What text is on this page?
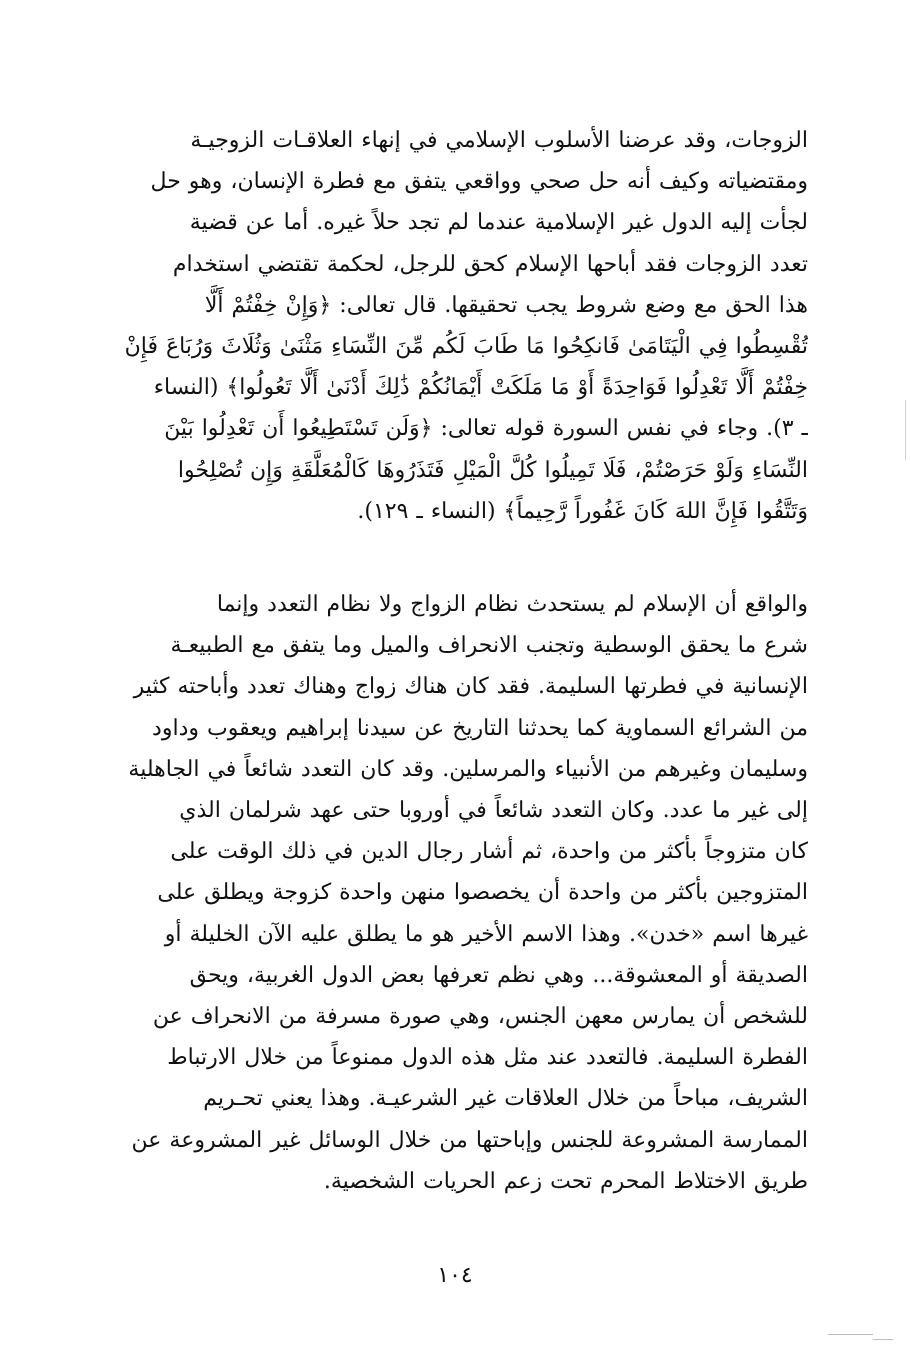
الزوجات، وقد عرضنا الأسلوب الإسلامي في إنهاء العلاقـات الزوجيـة
ومقتضياته وكيف أنه حل صحي وواقعي يتفق مع فطرة الإنسان، وهو حل
لجأت إليه الدول غير الإسلامية عندما لم تجد حلاً غيره. أما عن قضية
تعدد الزوجات فقد أباحها الإسلام كحق للرجل، لحكمة تقتضي استخدام
هذا الحق مع وضع شروط يجب تحقيقها. قال تعالى: ﴿وَإِنْ خِفْتُمْ أَلَّا
تُقْسِطُوا فِي الْيَتَامَىٰ فَانكِحُوا مَا طَابَ لَكُم مِّنَ النِّسَاءِ مَثْنَىٰ وَثُلَاثَ وَرُبَاعَ فَإِنْ
خِفْتُمْ أَلَّا تَعْدِلُوا فَوَاحِدَةً أَوْ مَا مَلَكَتْ أَيْمَانُكُمْ ذَٰلِكَ أَدْنَىٰ أَلَّا تَعُولُوا﴾ (النساء
ـ ٣). وجاء في نفس السورة قوله تعالى: ﴿وَلَن تَسْتَطِيعُوا أَن تَعْدِلُوا بَيْنَ
النِّسَاءِ وَلَوْ حَرَصْتُمْ، فَلَا تَمِيلُوا كُلَّ الْمَيْلِ فَتَذَرُوهَا كَالْمُعَلَّقَةِ وَإِن تُصْلِحُوا
وَتَتَّقُوا فَإِنَّ اللهَ كَانَ غَفُوراً رَّحِيماً﴾ (النساء ـ ١٢٩).
والواقع أن الإسلام لم يستحدث نظام الزواج ولا نظام التعدد وإنما
شرع ما يحقق الوسطية وتجنب الانحراف والميل وما يتفق مع الطبيعـة
الإنسانية في فطرتها السليمة. فقد كان هناك زواج وهناك تعدد وأباحته كثير
من الشرائع السماوية كما يحدثنا التاريخ عن سيدنا إبراهيم ويعقوب وداود
وسليمان وغيرهم من الأنبياء والمرسلين. وقد كان التعدد شائعاً في الجاهلية
إلى غير ما عدد. وكان التعدد شائعاً في أوروبا حتى عهد شرلمان الذي
كان متزوجاً بأكثر من واحدة، ثم أشار رجال الدين في ذلك الوقت على
المتزوجين بأكثر من واحدة أن يخصصوا منهن واحدة كزوجة ويطلق على
غيرها اسم «خدن». وهذا الاسم الأخير هو ما يطلق عليه الآن الخليلة أو
الصديقة أو المعشوقة... وهي نظم تعرفها بعض الدول الغربية، ويحق
للشخص أن يمارس معهن الجنس، وهي صورة مسرفة من الانحراف عن
الفطرة السليمة. فالتعدد عند مثل هذه الدول ممنوعاً من خلال الارتباط
الشريف، مباحاً من خلال العلاقات غير الشرعيـة. وهذا يعني تحـريم
الممارسة المشروعة للجنس وإباحتها من خلال الوسائل غير المشروعة عن
طريق الاختلاط المحرم تحت زعم الحريات الشخصية.
١٠٤
